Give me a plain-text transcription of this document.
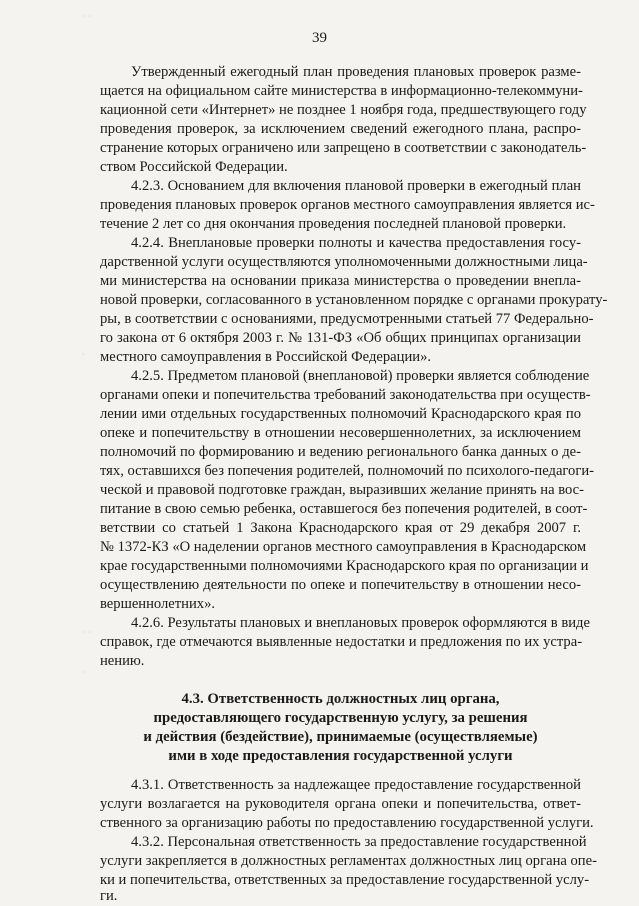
39
Утвержденный ежегодный план проведения плановых проверок разме-
щается на официальном сайте министерства в информационно-телекоммуни-
кационной сети «Интернет» не позднее 1 ноября года, предшествующего году
проведения проверок, за исключением сведений ежегодного плана, распро-
странение которых ограничено или запрещено в соответствии с законодатель-
ством Российской Федерации.
4.2.3. Основанием для включения плановой проверки в ежегодный план
проведения плановых проверок органов местного самоуправления является ис-
течение 2 лет со дня окончания проведения последней плановой проверки.
4.2.4. Внеплановые проверки полноты и качества предоставления госу-
дарственной услуги осуществляются уполномоченными должностными лица-
ми министерства на основании приказа министерства о проведении внепла-
новой проверки, согласованного в установленном порядке с органами прокурату-
ры, в соответствии с основаниями, предусмотренными статьей 77 Федерально-
го закона от 6 октября 2003 г. № 131-ФЗ «Об общих принципах организации
местного самоуправления в Российской Федерации».
4.2.5. Предметом плановой (внеплановой) проверки является соблюдение
органами опеки и попечительства требований законодательства при осуществ-
лении ими отдельных государственных полномочий Краснодарского края по
опеке и попечительству в отношении несовершеннолетних, за исключением
полномочий по формированию и ведению регионального банка данных о де-
тях, оставшихся без попечения родителей, полномочий по психолого-педагоги-
ческой и правовой подготовке граждан, выразивших желание принять на вос-
питание в свою семью ребенка, оставшегося без попечения родителей, в соот-
ветствии со статьей 1 Закона Краснодарского края от 29 декабря 2007 г.
№ 1372-КЗ «О наделении органов местного самоуправления в Краснодарском
крае государственными полномочиями Краснодарского края по организации и
осуществлению деятельности по опеке и попечительству в отношении несо-
вершеннолетних».
4.2.6. Результаты плановых и внеплановых проверок оформляются в виде
справок, где отмечаются выявленные недостатки и предложения по их устра-
нению.
4.3. Ответственность должностных лиц органа,
предоставляющего государственную услугу, за решения
и действия (бездействие), принимаемые (осуществляемые)
ими в ходе предоставления государственной услуги
4.3.1. Ответственность за надлежащее предоставление государственной
услуги возлагается на руководителя органа опеки и попечительства, ответ-
ственного за организацию работы по предоставлению государственной услуги.
4.3.2. Персональная ответственность за предоставление государственной
услуги закрепляется в должностных регламентах должностных лиц органа опе-
ки и попечительства, ответственных за предоставление государственной услу-
ги.
· ·
·
· ·
·
